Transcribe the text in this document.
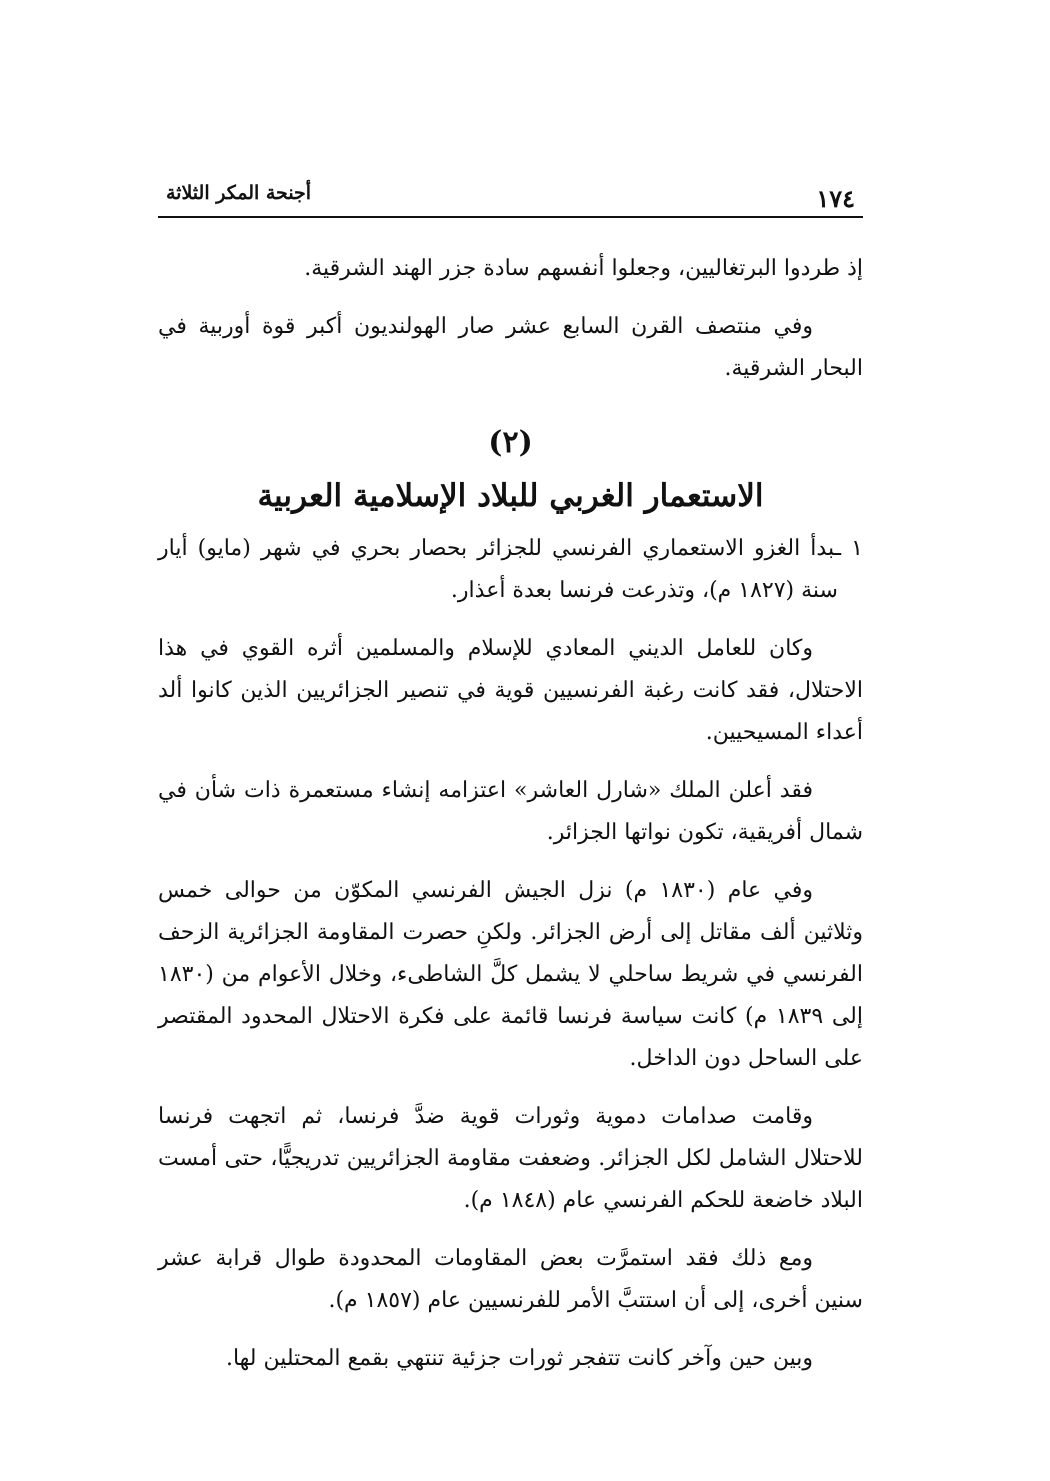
١٧٤
أجنحة المكر الثلاثة

إذ طردوا البرتغاليين، وجعلوا أنفسهم سادة جزر الهند الشرقية.

وفي منتصف القرن السابع عشر صار الهولنديون أكبر قوة أوربية في البحار الشرقية.

(٢)
الاستعمار الغربي للبلاد الإسلامية العربية

١ ـبدأ الغزو الاستعماري الفرنسي للجزائر بحصار بحري في شهر (مايو) أيار سنة (١٨٢٧ م)، وتذرعت فرنسا بعدة أعذار.

وكان للعامل الديني المعادي للإسلام والمسلمين أثره القوي في هذا الاحتلال، فقد كانت رغبة الفرنسيين قوية في تنصير الجزائريين الذين كانوا ألد أعداء المسيحيين.

فقد أعلن الملك «شارل العاشر» اعتزامه إنشاء مستعمرة ذات شأن في شمال أفريقية، تكون نواتها الجزائر.

وفي عام (١٨٣٠ م) نزل الجيش الفرنسي المكوّن من حوالى خمس وثلاثين ألف مقاتل إلى أرض الجزائر. ولكنِ حصرت المقاومة الجزائرية الزحف الفرنسي في شريط ساحلي لا يشمل كلَّ الشاطىء، وخلال الأعوام من (١٨٣٠ إلى ١٨٣٩ م) كانت سياسة فرنسا قائمة على فكرة الاحتلال المحدود المقتصر على الساحل دون الداخل.

وقامت صدامات دموية وثورات قوية ضدَّ فرنسا، ثم اتجهت فرنسا للاحتلال الشامل لكل الجزائر. وضعفت مقاومة الجزائريين تدريجيًّا، حتى أمست البلاد خاضعة للحكم الفرنسي عام (١٨٤٨ م).

ومع ذلك فقد استمرَّت بعض المقاومات المحدودة طوال قرابة عشر سنين أخرى، إلى أن استتبَّ الأمر للفرنسيين عام (١٨٥٧ م).

وبين حين وآخر كانت تتفجر ثورات جزئية تنتهي بقمع المحتلين لها.
